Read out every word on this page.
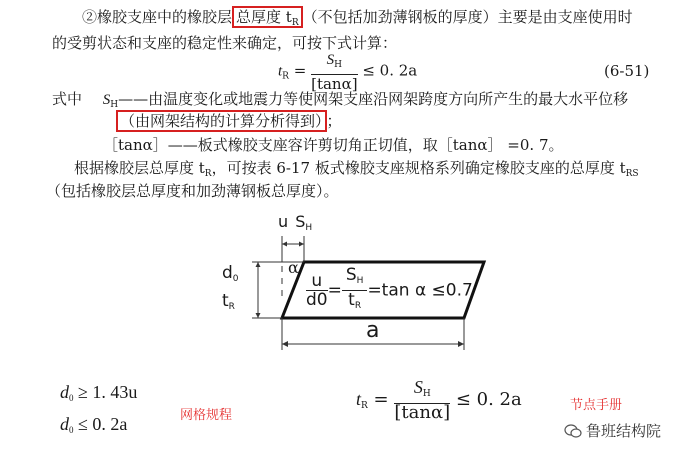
②橡胶支座中的橡胶层 总厚度 $t_R$ （不包括加劲薄钢板的厚度）主要是由支座使用时
的受剪状态和支座的稳定性来确定，可按下式计算：
$t_R = \frac{S_H}{[\tan\alpha]} \le 0$. 2a	(6-51)
式中 $S_H——$由温度变化或地震力等使网架支座沿网架跨度方向所产生的最大水平位移
（由网架结构的计算分析得到） ；
［tanα］——板式橡胶支座容许剪切角正切值，取［tanα］ =0. 7。
根据橡胶层总厚度 $t_R$，可按表 6-17 板式橡胶支座规格系列确定橡胶支座的总厚度 $t_{RS}$
（包括橡胶层总厚度和加劲薄钢板总厚度）。
u $S_H$
$d_0$
$t_R$
α
$\frac{u}{d0} = \frac{S_H}{t_R} =\tan$ α ≤0.7
a
$d_0 \ge 1$. 43u
$d_0 \le 0$. 2a	网格规程
$t_R = \frac{S_H}{[\tan\alpha]} \le 0$. 2a	节点手册
鲁班结构院
